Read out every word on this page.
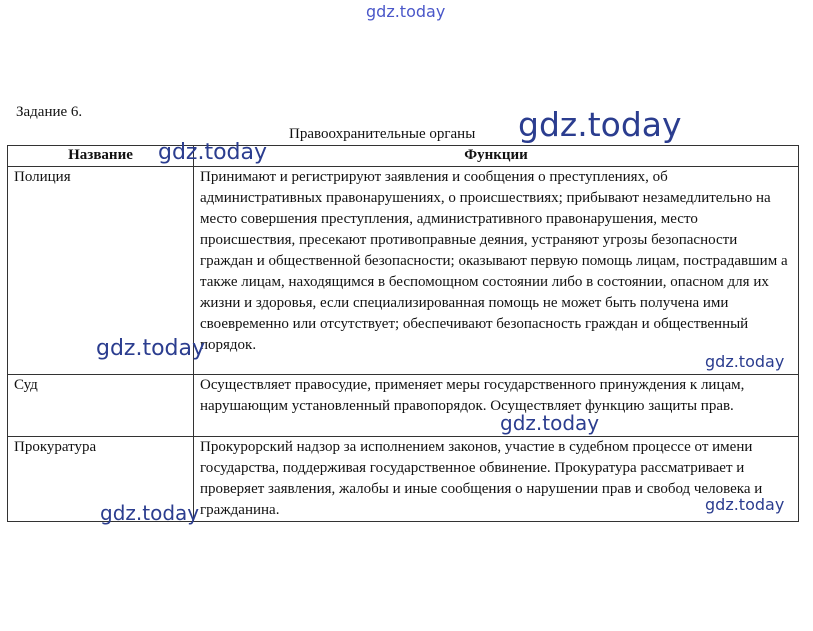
gdz.today
Задание 6.
Правоохранительные органы
Название	Функции
Полиция	Принимают и регистрируют заявления и сообщения о преступлениях, об административных правонарушениях, о происшествиях; прибывают незамедлительно на место совершения преступления, административного правонарушения, место происшествия, пресекают противоправные деяния, устраняют угрозы безопасности граждан и общественной безопасности; оказывают первую помощь лицам, пострадавшим а также лицам, находящимся в беспомощном состоянии либо в состоянии, опасном для их жизни и здоровья, если специализированная помощь не может быть получена ими своевременно или отсутствует; обеспечивают безопасность граждан и общественный порядок.
Суд	Осуществляет правосудие, применяет меры государственного принуждения к лицам, нарушающим установленный правопорядок. Осуществляет функцию защиты прав.
Прокуратура	Прокурорский надзор за исполнением законов, участие в судебном процессе от имени государства, поддерживая государственное обвинение. Прокуратура рассматривает и проверяет заявления, жалобы и иные сообщения о нарушении прав и свобод человека и гражданина.
gdz.today
gdz.today
gdz.today
gdz.today
gdz.today
gdz.today	gdz.today
